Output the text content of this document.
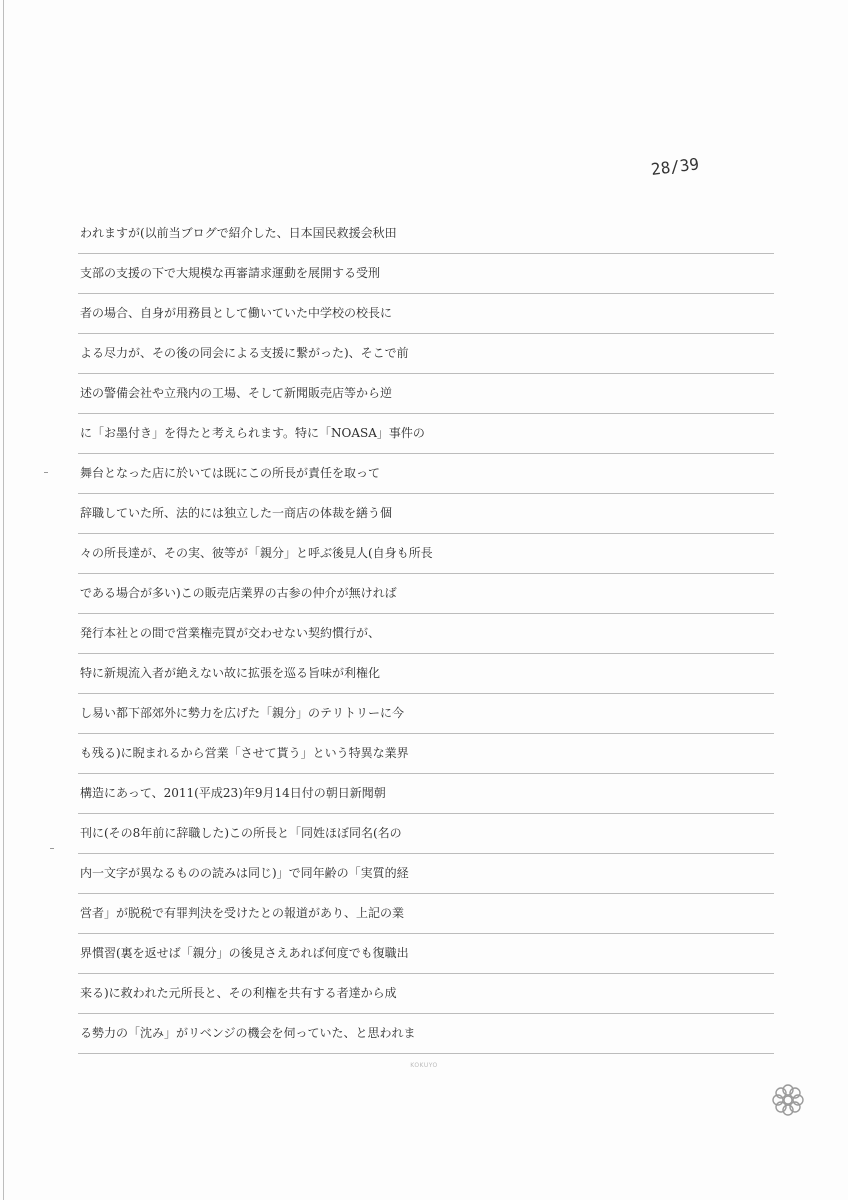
28/39
われますが(以前当ブログで紹介した、日本国民救援会秋田
支部の支援の下で大規模な再審請求運動を展開する受刑
者の場合、自身が用務員として働いていた中学校の校長に
よる尽力が、その後の同会による支援に繋がった)、そこで前
述の警備会社や立飛内の工場、そして新聞販売店等から逆
に「お墨付き」を得たと考えられます。特に「NOASA」事件の
舞台となった店に於いては既にこの所長が責任を取って
辞職していた所、法的には独立した一商店の体裁を繕う個
々の所長達が、その実、彼等が「親分」と呼ぶ後見人(自身も所長
である場合が多い)この販売店業界の古参の仲介が無ければ
発行本社との間で営業権売買が交わせない契約慣行が、
特に新規流入者が絶えない故に拡張を巡る旨味が利権化
し易い都下部郊外に勢力を広げた「親分」のテリトリーに今
も残る)に睨まれるから営業「させて貰う」という特異な業界
構造にあって、2011(平成23)年9月14日付の朝日新聞朝
刊に(その8年前に辞職した)この所長と「同姓ほぼ同名(名の
内一文字が異なるものの読みは同じ)」で同年齢の「実質的経
営者」が脱税で有罪判決を受けたとの報道があり、上記の業
界慣習(裏を返せば「親分」の後見さえあれば何度でも復職出
来る)に救われた元所長と、その利権を共有する者達から成
る勢力の「沈み」がリベンジの機会を伺っていた、と思われま
KOKUYO
